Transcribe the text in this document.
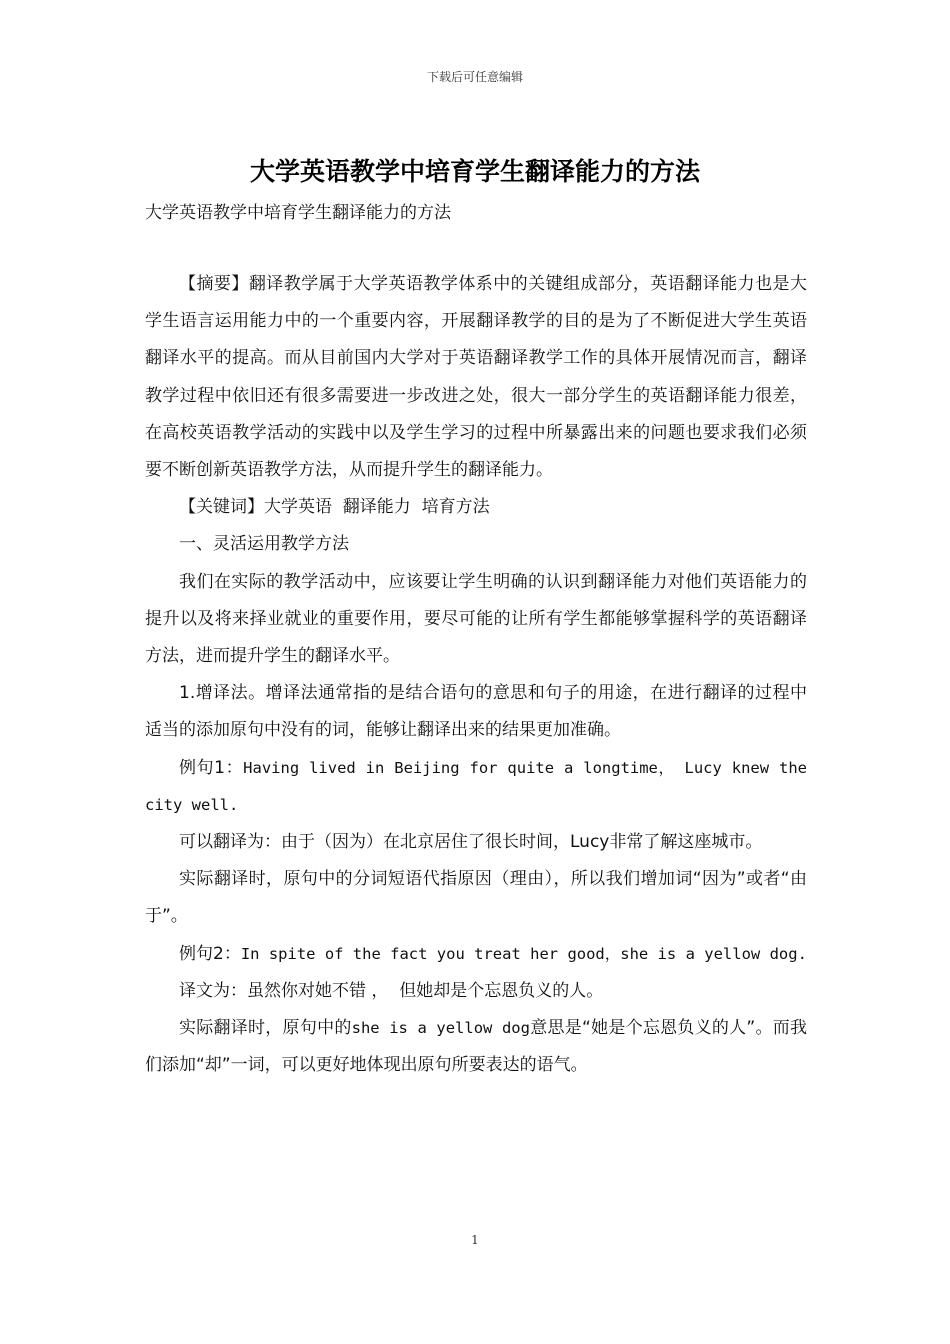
下载后可任意编辑
大学英语教学中培育学生翻译能力的方法
大学英语教学中培育学生翻译能力的方法

【摘要】翻译教学属于大学英语教学体系中的关键组成部分，英语翻译能力也是大学生语言运用能力中的一个重要内容，开展翻译教学的目的是为了不断促进大学生英语翻译水平的提高。而从目前国内大学对于英语翻译教学工作的具体开展情况而言，翻译教学过程中依旧还有很多需要进一步改进之处，很大一部分学生的英语翻译能力很差，在高校英语教学活动的实践中以及学生学习的过程中所暴露出来的问题也要求我们必须要不断创新英语教学方法，从而提升学生的翻译能力。

【关键词】大学英语  翻译能力  培育方法

一、灵活运用教学方法

我们在实际的教学活动中，应该要让学生明确的认识到翻译能力对他们英语能力的提升以及将来择业就业的重要作用，要尽可能的让所有学生都能够掌握科学的英语翻译方法，进而提升学生的翻译水平。

1.增译法。增译法通常指的是结合语句的意思和句子的用途，在进行翻译的过程中适当的添加原句中没有的词，能够让翻译出来的结果更加准确。

例句1：Having lived in Beijing for quite a longtime， Lucy knew the city well.

可以翻译为：由于（因为）在北京居住了很长时间，Lucy非常了解这座城市。

实际翻译时，原句中的分词短语代指原因（理由），所以我们增加词“因为”或者“由于”。

例句2：In spite of the fact you treat her good，she is a yellow dog.

译文为：虽然你对她不错 ，  但她却是个忘恩负义的人。

实际翻译时，原句中的she is a yellow dog意思是“她是个忘恩负义的人”。而我们添加“却”一词，可以更好地体现出原句所要表达的语气。

1
